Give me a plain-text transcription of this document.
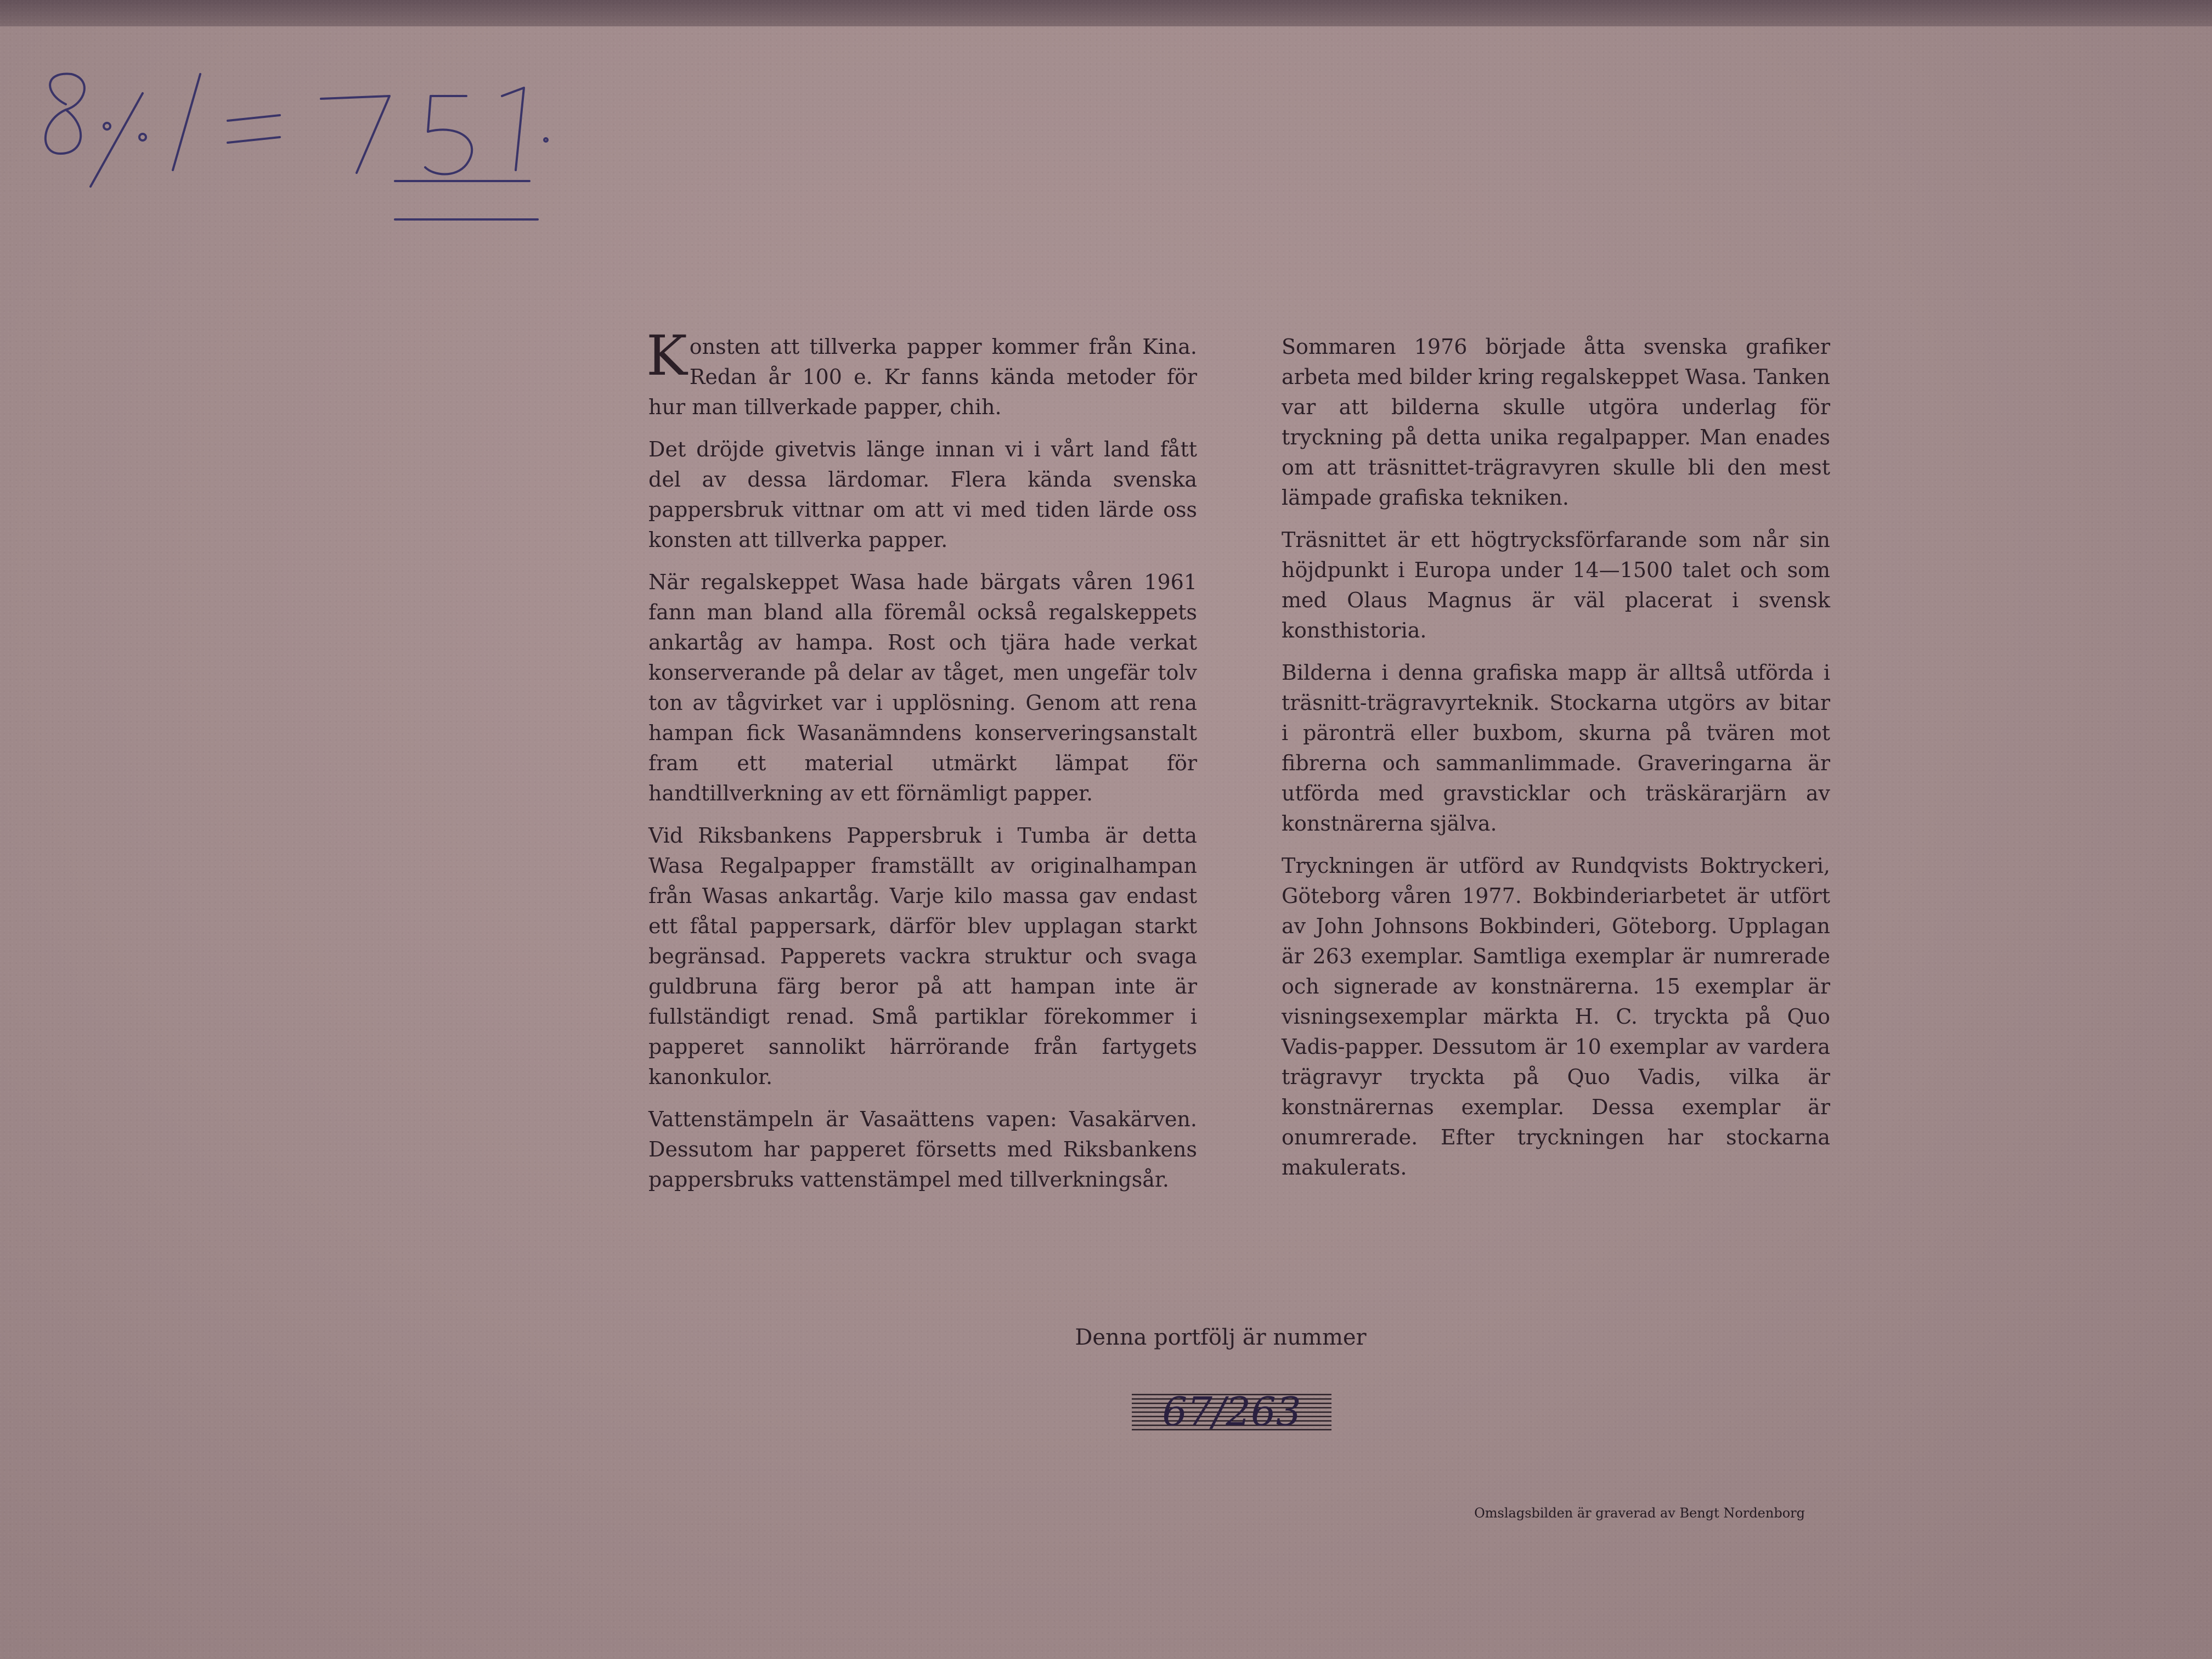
Konsten att tillverka papper kommer från Kina. Redan år 100 e. Kr fanns kända metoder för hur man tillverkade papper, chih.

Det dröjde givetvis länge innan vi i vårt land fått del av dessa lärdomar. Flera kända svenska pappersbruk vittnar om att vi med tiden lärde oss konsten att tillverka papper.

När regalskeppet Wasa hade bärgats våren 1961 fann man bland alla föremål också regalskeppets ankartåg av hampa. Rost och tjära hade verkat konserverande på delar av tåget, men ungefär tolv ton av tågvirket var i upplösning. Genom att rena hampan fick Wasanämndens konserveringsanstalt fram ett material utmärkt lämpat för handtillverkning av ett förnämligt papper.

Vid Riksbankens Pappersbruk i Tumba är detta Wasa Regalpapper framställt av originalhampan från Wasas ankartåg. Varje kilo massa gav endast ett fåtal pappersark, därför blev upplagan starkt begränsad. Papperets vackra struktur och svaga guldbruna färg beror på att hampan inte är fullständigt renad. Små partiklar förekommer i papperet sannolikt härrörande från fartygets kanonkulor.

Vattenstämpeln är Vasaättens vapen: Vasakärven. Dessutom har papperet försetts med Riksbankens pappersbruks vattenstämpel med tillverkningsår.

Sommaren 1976 började åtta svenska grafiker arbeta med bilder kring regalskeppet Wasa. Tanken var att bilderna skulle utgöra underlag för tryckning på detta unika regalpapper. Man enades om att träsnittet-trägravyren skulle bli den mest lämpade grafiska tekniken.

Träsnittet är ett högtrycksförfarande som når sin höjdpunkt i Europa under 14—1500 talet och som med Olaus Magnus är väl placerat i svensk konsthistoria.

Bilderna i denna grafiska mapp är alltså utförda i träsnitt-trägravyrteknik. Stockarna utgörs av bitar i päronträ eller buxbom, skurna på tvären mot fibrerna och sammanlimmade. Graveringarna är utförda med gravsticklar och träskärarjärn av konstnärerna själva.

Tryckningen är utförd av Rundqvists Boktryckeri, Göteborg våren 1977. Bokbinderiarbetet är utfört av John Johnsons Bokbinderi, Göteborg. Upplagan är 263 exemplar. Samtliga exemplar är numrerade och signerade av konstnärerna. 15 exemplar är visningsexemplar märkta H. C. tryckta på Quo Vadis-papper. Dessutom är 10 exemplar av vardera trägravyr tryckta på Quo Vadis, vilka är konstnärernas exemplar. Dessa exemplar är onumrerade. Efter tryckningen har stockarna makulerats.

Denna portfölj är nummer
67/263
Omslagsbilden är graverad av Bengt Nordenborg
